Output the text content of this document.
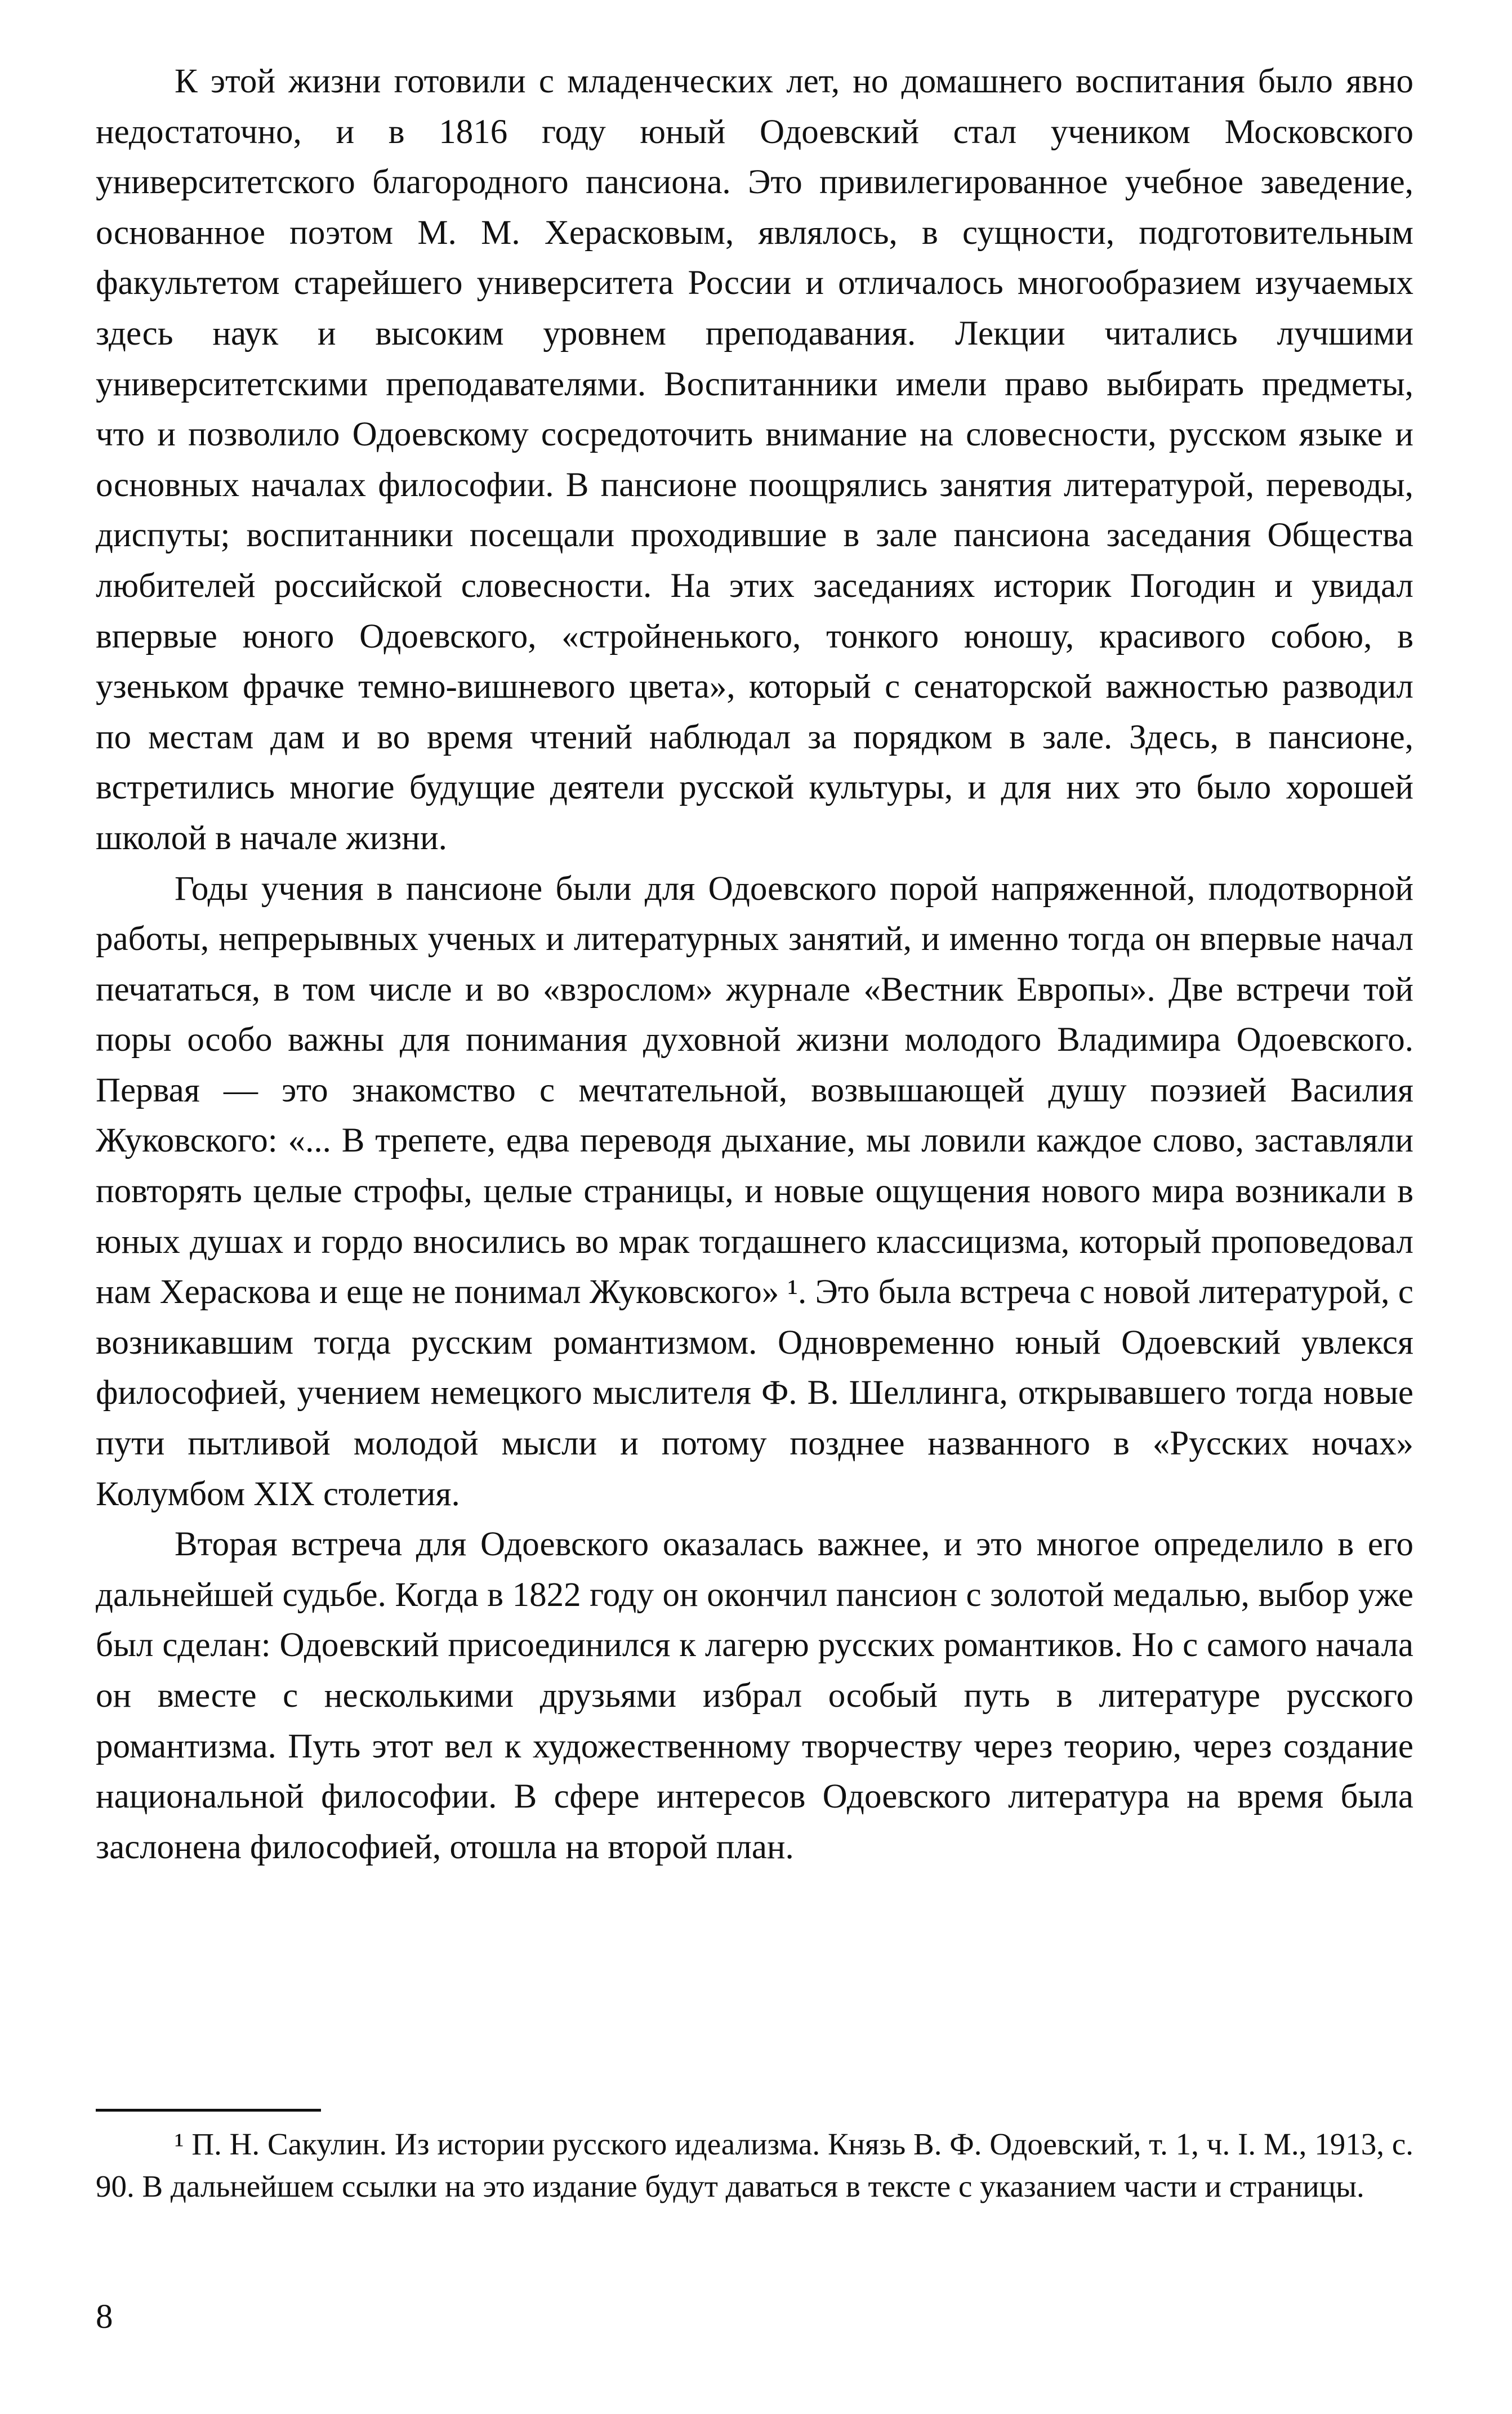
К этой жизни готовили с младенческих лет, но домашнего воспитания было явно недостаточно, и в 1816 году юный Одоевский стал учеником Московского университетского благородного пансиона. Это привилегированное учебное заведение, основанное поэтом М. М. Херасковым, являлось, в сущности, подготовительным факультетом старейшего университета России и отличалось многообразием изучаемых здесь наук и высоким уровнем преподавания. Лекции читались лучшими университетскими преподавателями. Воспитанники имели право выбирать предметы, что и позволило Одоевскому сосредоточить внимание на словесности, русском языке и основных началах философии. В пансионе поощрялись занятия литературой, переводы, диспуты; воспитанники посещали проходившие в зале пансиона заседания Общества любителей российской словесности. На этих заседаниях историк Погодин и увидал впервые юного Одоевского, «стройненького, тонкого юношу, красивого собою, в узеньком фрачке темно-вишневого цвета», который с сенаторской важностью разводил по местам дам и во время чтений наблюдал за порядком в зале. Здесь, в пансионе, встретились многие будущие деятели русской культуры, и для них это было хорошей школой в начале жизни.

Годы учения в пансионе были для Одоевского порой напряженной, плодотворной работы, непрерывных ученых и литературных занятий, и именно тогда он впервые начал печататься, в том числе и во «взрослом» журнале «Вестник Европы». Две встречи той поры особо важны для понимания духовной жизни молодого Владимира Одоевского. Первая — это знакомство с мечтательной, возвышающей душу поэзией Василия Жуковского: «... В трепете, едва переводя дыхание, мы ловили каждое слово, заставляли повторять целые строфы, целые страницы, и новые ощущения нового мира возникали в юных душах и гордо вносились во мрак тогдашнего классицизма, который проповедовал нам Хераскова и еще не понимал Жуковского» ¹. Это была встреча с новой литературой, с возникавшим тогда русским романтизмом. Одновременно юный Одоевский увлекся философией, учением немецкого мыслителя Ф. В. Шеллинга, открывавшего тогда новые пути пытливой молодой мысли и потому позднее названного в «Русских ночах» Колумбом XIX столетия.

Вторая встреча для Одоевского оказалась важнее, и это многое определило в его дальнейшей судьбе. Когда в 1822 году он окончил пансион с золотой медалью, выбор уже был сделан: Одоевский присоединился к лагерю русских романтиков. Но с самого начала он вместе с несколькими друзьями избрал особый путь в литературе русского романтизма. Путь этот вел к художественному творчеству через теорию, через создание национальной философии. В сфере интересов Одоевского литература на время была заслонена философией, отошла на второй план.

¹ П. Н. Сакулин. Из истории русского идеализма. Князь В. Ф. Одоевский, т. 1, ч. I. М., 1913, с. 90. В дальнейшем ссылки на это издание будут даваться в тексте с указанием части и страницы.

8
